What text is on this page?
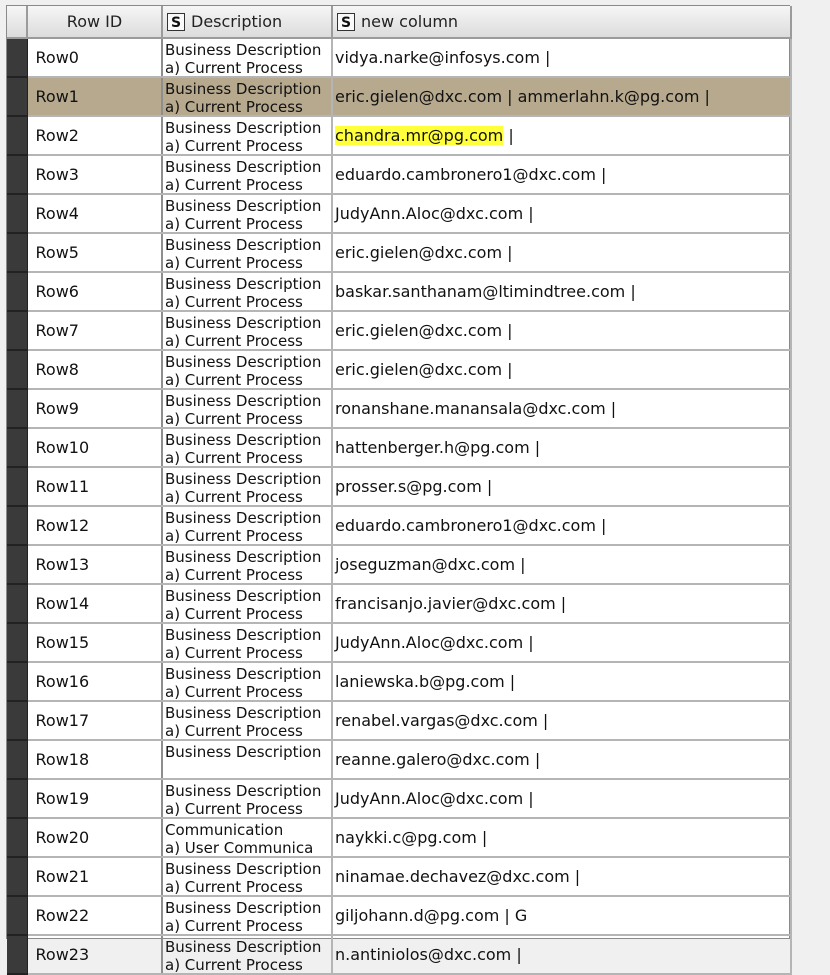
	Row ID	S Description	S new column

	Row0	Business Description
a) Current Process	vidya.narke@infosys.com |
	Row1	Business Description
a) Current Process	eric.gielen@dxc.com | ammerlahn.k@pg.com |
	Row2	Business Description
a) Current Process	chandra.mr@pg.com |
	Row3	Business Description
a) Current Process	eduardo.cambronero1@dxc.com |
	Row4	Business Description
a) Current Process	JudyAnn.Aloc@dxc.com |
	Row5	Business Description
a) Current Process	eric.gielen@dxc.com |
	Row6	Business Description
a) Current Process	baskar.santhanam@ltimindtree.com |
	Row7	Business Description
a) Current Process	eric.gielen@dxc.com |
	Row8	Business Description
a) Current Process	eric.gielen@dxc.com |
	Row9	Business Description
a) Current Process	ronanshane.manansala@dxc.com |
	Row10	Business Description
a) Current Process	hattenberger.h@pg.com |
	Row11	Business Description
a) Current Process	prosser.s@pg.com |
	Row12	Business Description
a) Current Process	eduardo.cambronero1@dxc.com |
	Row13	Business Description
a) Current Process	joseguzman@dxc.com |
	Row14	Business Description
a) Current Process	francisanjo.javier@dxc.com |
	Row15	Business Description
a) Current Process	JudyAnn.Aloc@dxc.com |
	Row16	Business Description
a) Current Process	laniewska.b@pg.com |
	Row17	Business Description
a) Current Process	renabel.vargas@dxc.com |
	Row18	Business Description	reanne.galero@dxc.com |
	Row19	Business Description
a) Current Process	JudyAnn.Aloc@dxc.com |
	Row20	Communication
a) User Communica	naykki.c@pg.com |
	Row21	Business Description
a) Current Process	ninamae.dechavez@dxc.com |
	Row22	Business Description
a) Current Process	giljohann.d@pg.com | G
	Row23	Business Description
a) Current Process	n.antiniolos@dxc.com |
